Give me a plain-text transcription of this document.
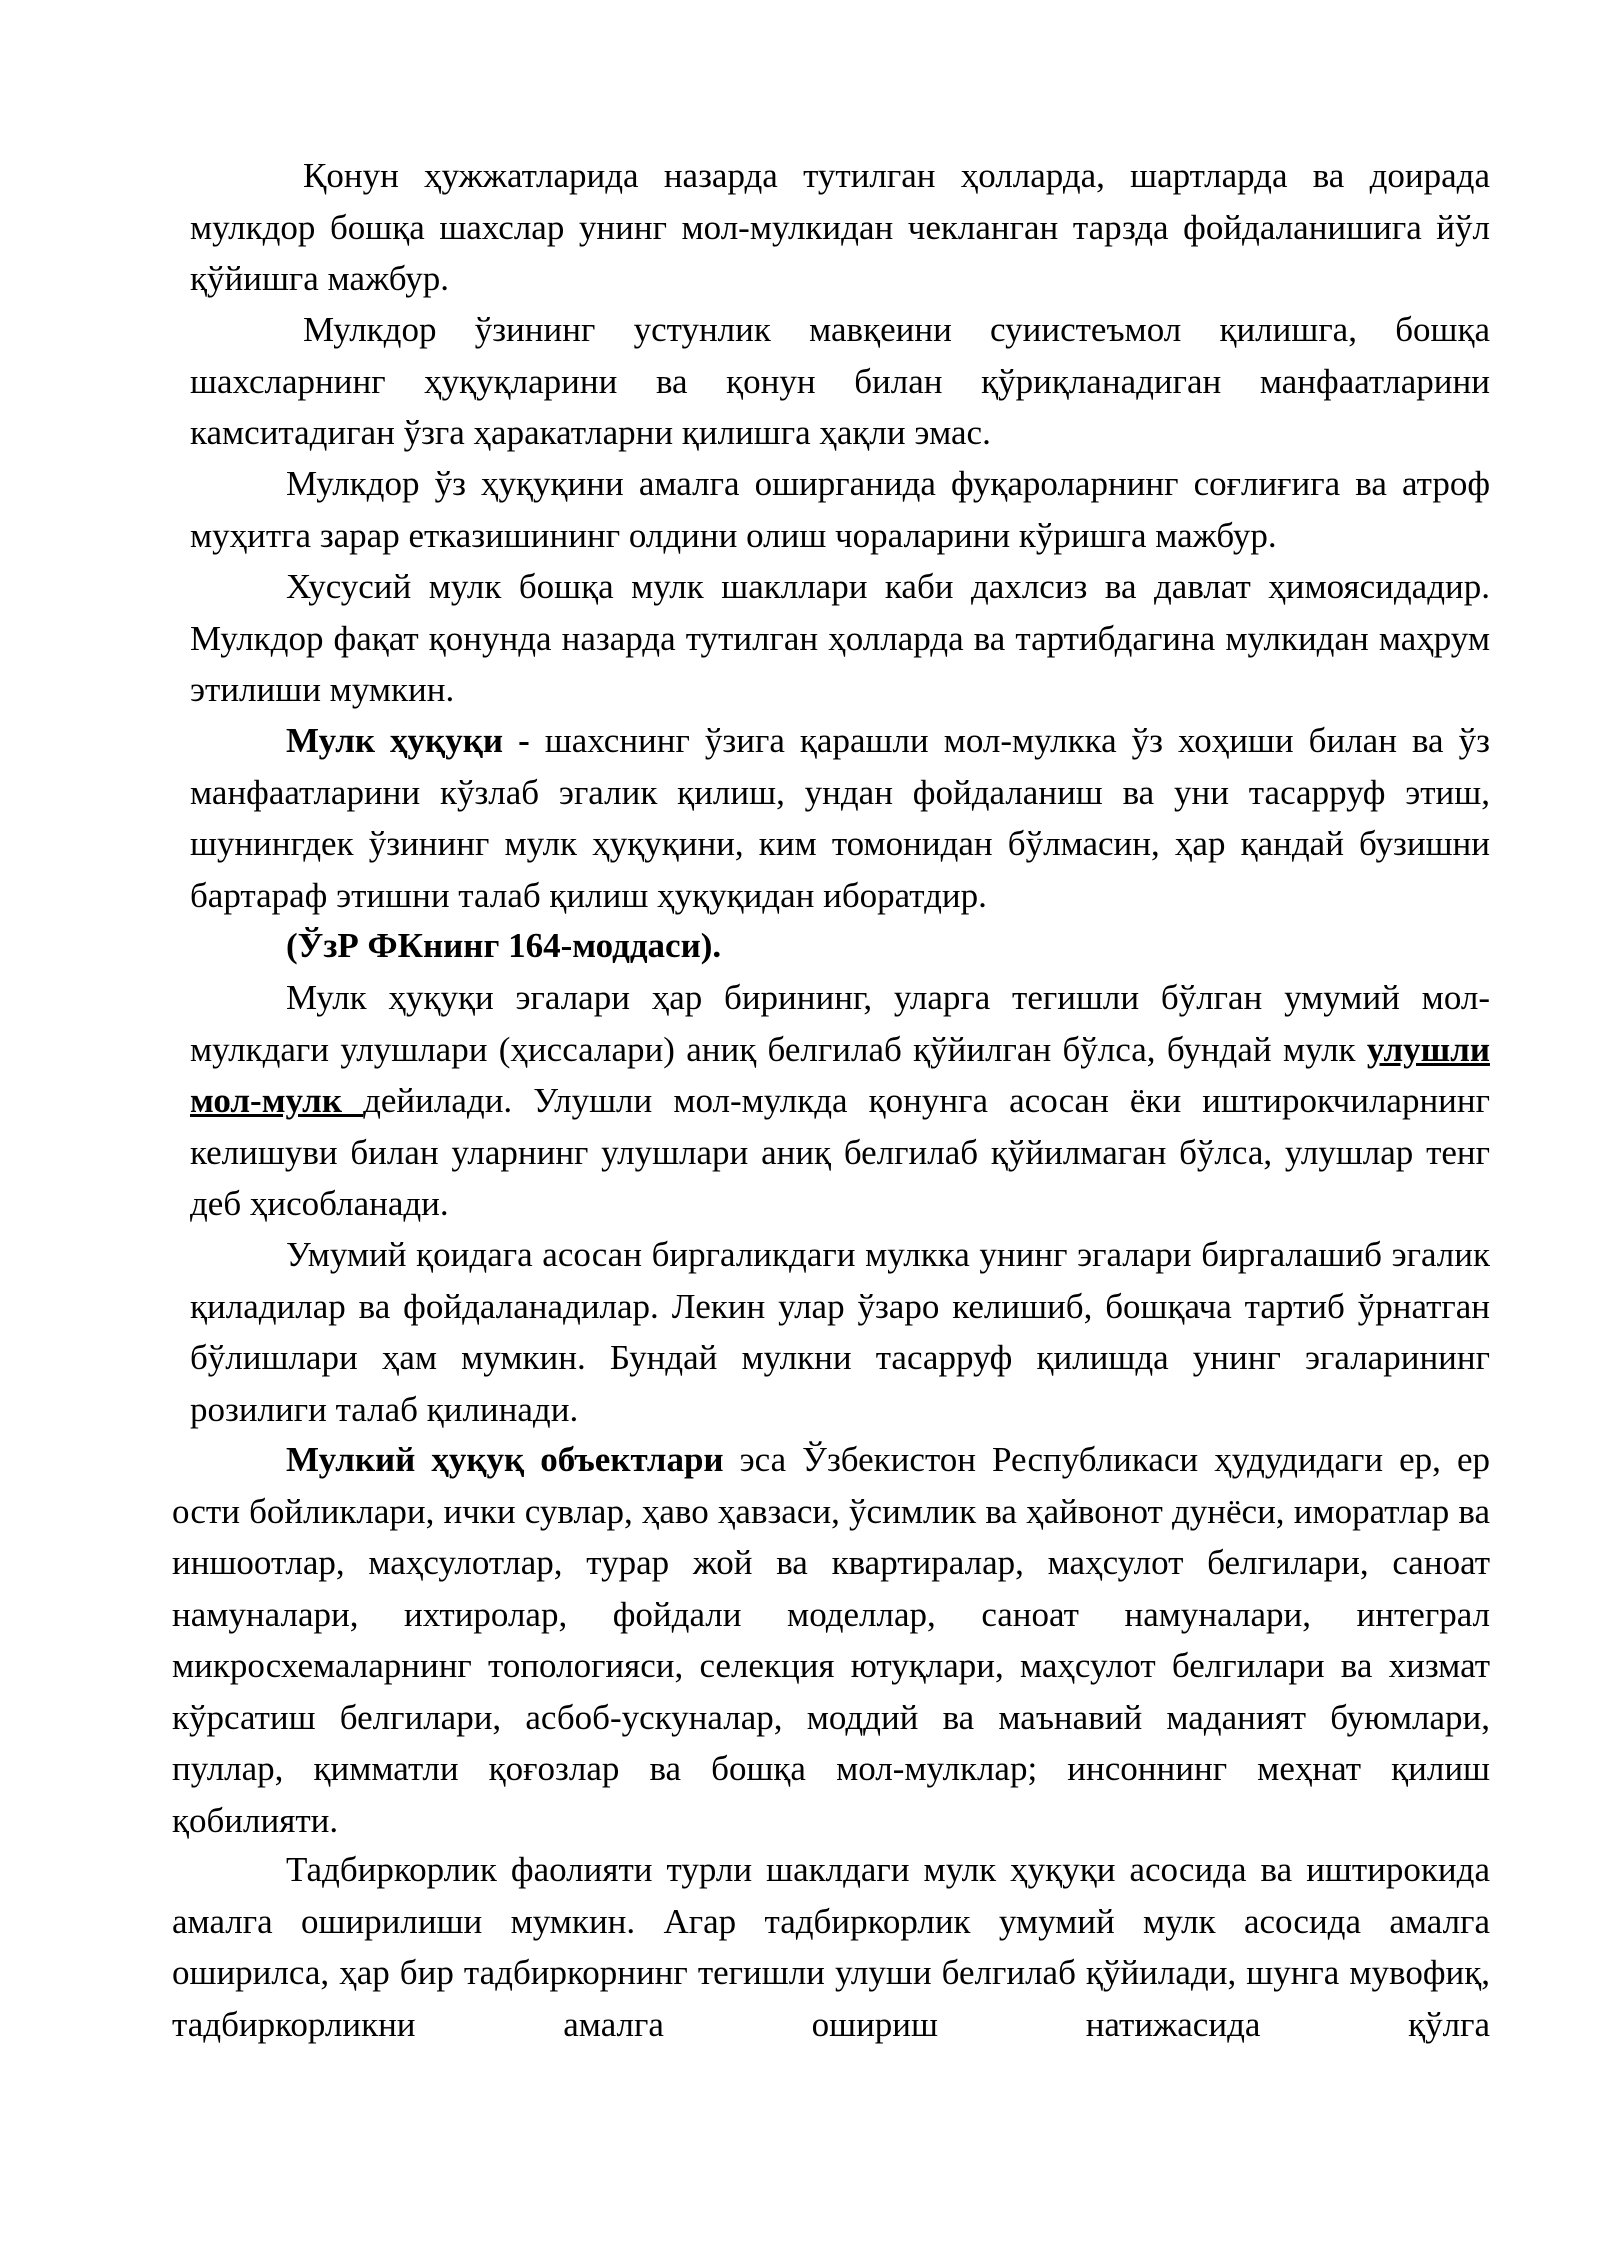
Қонун ҳужжатларида назарда тутилган ҳолларда, шартларда ва доирада мулкдор бошқа шахслар унинг мол-мулкидан чекланган тарзда фойдаланишига йўл қўйишга мажбур.

Мулкдор ўзининг устунлик мавқеини суиистеъмол қилишга, бошқа шахсларнинг ҳуқуқларини ва қонун билан қўриқланадиган манфаатларини камситадиган ўзга ҳаракатларни қилишга ҳақли эмас.

Мулкдор ўз ҳуқуқини амалга оширганида фуқароларнинг соғлиғига ва атроф муҳитга зарар етказишининг олдини олиш чораларини кўришга мажбур.

Хусусий мулк бошқа мулк шакллари каби дахлсиз ва давлат ҳимоясидадир. Мулкдор фақат қонунда назарда тутилган ҳолларда ва тартибдагина мулкидан маҳрум этилиши мумкин.

Мулк ҳуқуқи - шахснинг ўзига қарашли мол-мулкка ўз хоҳиши билан ва ўз манфаатларини кўзлаб эгалик қилиш, ундан фойдаланиш ва уни тасарруф этиш, шунингдек ўзининг мулк ҳуқуқини, ким томонидан бўлмасин, ҳар қандай бузишни бартараф этишни талаб қилиш ҳуқуқидан иборатдир.

(ЎзР ФКнинг 164-моддаси).

Мулк ҳуқуқи эгалари ҳар бирининг, уларга тегишли бўлган умумий мол-мулкдаги улушлари (ҳиссалари) аниқ белгилаб қўйилган бўлса, бундай мулк улушли мол-мулк дейилади. Улушли мол-мулкда қонунга асосан ёки иштирокчиларнинг келишуви билан уларнинг улушлари аниқ белгилаб қўйилмаган бўлса, улушлар тенг деб ҳисобланади.

Умумий қоидага асосан биргаликдаги мулкка унинг эгалари биргалашиб эгалик қиладилар ва фойдаланадилар. Лекин улар ўзаро келишиб, бошқача тартиб ўрнатган бўлишлари ҳам мумкин. Бундай мулкни тасарруф қилишда унинг эгаларининг розилиги талаб қилинади.

Мулкий ҳуқуқ объектлари эса Ўзбекистон Республикаси ҳудудидаги ер, ер ости бойликлари, ички сувлар, ҳаво ҳавзаси, ўсимлик ва ҳайвонот дунёси, иморатлар ва иншоотлар, маҳсулотлар, турар жой ва квартиралар, маҳсулот белгилари, саноат намуналари, ихтиролар, фойдали моделлар, саноат намуналари, интеграл микросхемаларнинг топологияси, селекция ютуқлари, маҳсулот белгилари ва хизмат кўрсатиш белгилари, асбоб-ускуналар, моддий ва маънавий маданият буюмлари, пуллар, қимматли қоғозлар ва бошқа мол-мулклар; инсоннинг меҳнат қилиш қобилияти.

Тадбиркорлик фаолияти турли шаклдаги мулк ҳуқуқи асосида ва иштирокида амалга оширилиши мумкин. Агар тадбиркорлик умумий мулк асосида амалга оширилса, ҳар бир тадбиркорнинг тегишли улуши белгилаб қўйилади, шунга мувофиқ, тадбиркорликни амалга ошириш натижасида қўлга
